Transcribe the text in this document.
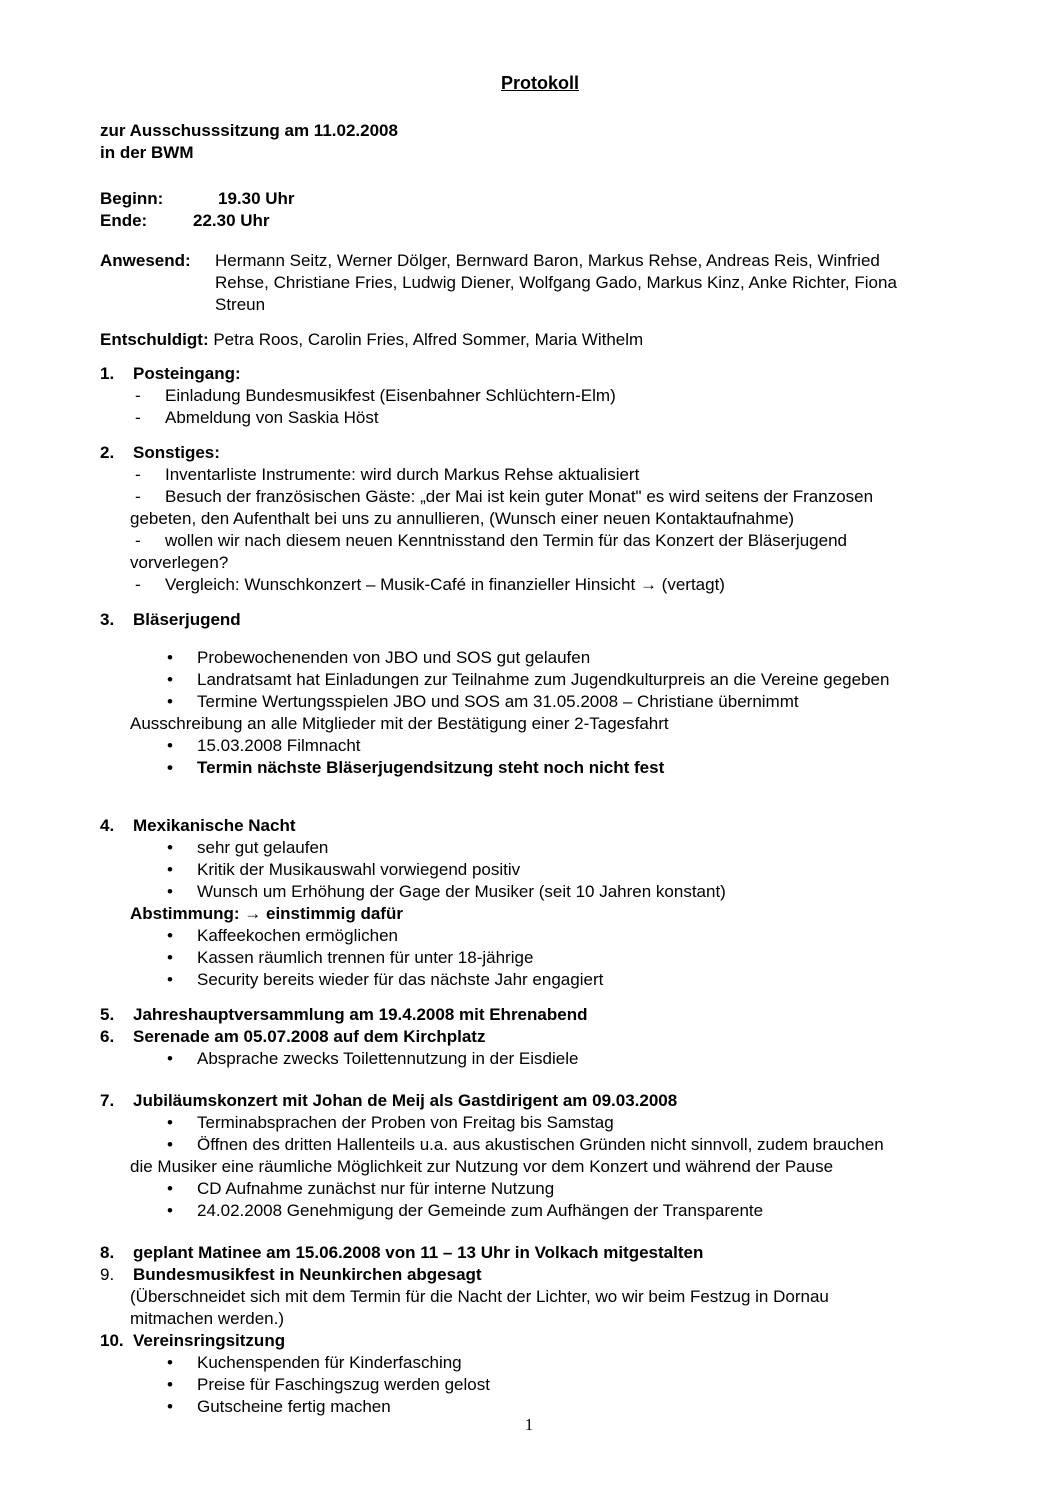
Protokoll
zur Ausschusssitzung am 11.02.2008
in der BWM
Beginn:	19.30 Uhr
Ende:	22.30 Uhr
Anwesend: Hermann Seitz, Werner Dölger, Bernward Baron, Markus Rehse, Andreas Reis, Winfried
Rehse, Christiane Fries, Ludwig Diener, Wolfgang Gado, Markus Kinz, Anke Richter, Fiona
Streun
Entschuldigt: Petra Roos, Carolin Fries, Alfred Sommer, Maria Withelm
1. Posteingang:
- Einladung Bundesmusikfest (Eisenbahner Schlüchtern-Elm)
- Abmeldung von Saskia Höst
2. Sonstiges:
- Inventarliste Instrumente: wird durch Markus Rehse aktualisiert
- Besuch der französischen Gäste: „der Mai ist kein guter Monat" es wird seitens der Franzosen
gebeten, den Aufenthalt bei uns zu annullieren, (Wunsch einer neuen Kontaktaufnahme)
- wollen wir nach diesem neuen Kenntnisstand den Termin für das Konzert der Bläserjugend
vorverlegen?
- Vergleich: Wunschkonzert – Musik-Café in finanzieller Hinsicht → (vertagt)
3. Bläserjugend
• Probewochenenden von JBO und SOS gut gelaufen
• Landratsamt hat Einladungen zur Teilnahme zum Jugendkulturpreis an die Vereine gegeben
• Termine Wertungsspielen JBO und SOS am 31.05.2008 – Christiane übernimmt
Ausschreibung an alle Mitglieder mit der Bestätigung einer 2-Tagesfahrt
• 15.03.2008 Filmnacht
• Termin nächste Bläserjugendsitzung steht noch nicht fest
4. Mexikanische Nacht
• sehr gut gelaufen
• Kritik der Musikauswahl vorwiegend positiv
• Wunsch um Erhöhung der Gage der Musiker (seit 10 Jahren konstant)
Abstimmung: → einstimmig dafür
• Kaffeekochen ermöglichen
• Kassen räumlich trennen für unter 18-jährige
• Security bereits wieder für das nächste Jahr engagiert
5. Jahreshauptversammlung am 19.4.2008 mit Ehrenabend
6. Serenade am 05.07.2008 auf dem Kirchplatz
• Absprache zwecks Toilettennutzung in der Eisdiele
7. Jubiläumskonzert mit Johan de Meij als Gastdirigent am 09.03.2008
• Terminabsprachen der Proben von Freitag bis Samstag
• Öffnen des dritten Hallenteils u.a. aus akustischen Gründen nicht sinnvoll, zudem brauchen
die Musiker eine räumliche Möglichkeit zur Nutzung vor dem Konzert und während der Pause
• CD Aufnahme zunächst nur für interne Nutzung
• 24.02.2008 Genehmigung der Gemeinde zum Aufhängen der Transparente
8. geplant Matinee am 15.06.2008 von 11 – 13 Uhr in Volkach mitgestalten
9. Bundesmusikfest in Neunkirchen abgesagt
(Überschneidet sich mit dem Termin für die Nacht der Lichter, wo wir beim Festzug in Dornau
mitmachen werden.)
10. Vereinsringsitzung
• Kuchenspenden für Kinderfasching
• Preise für Faschingszug werden gelost
• Gutscheine fertig machen
1
